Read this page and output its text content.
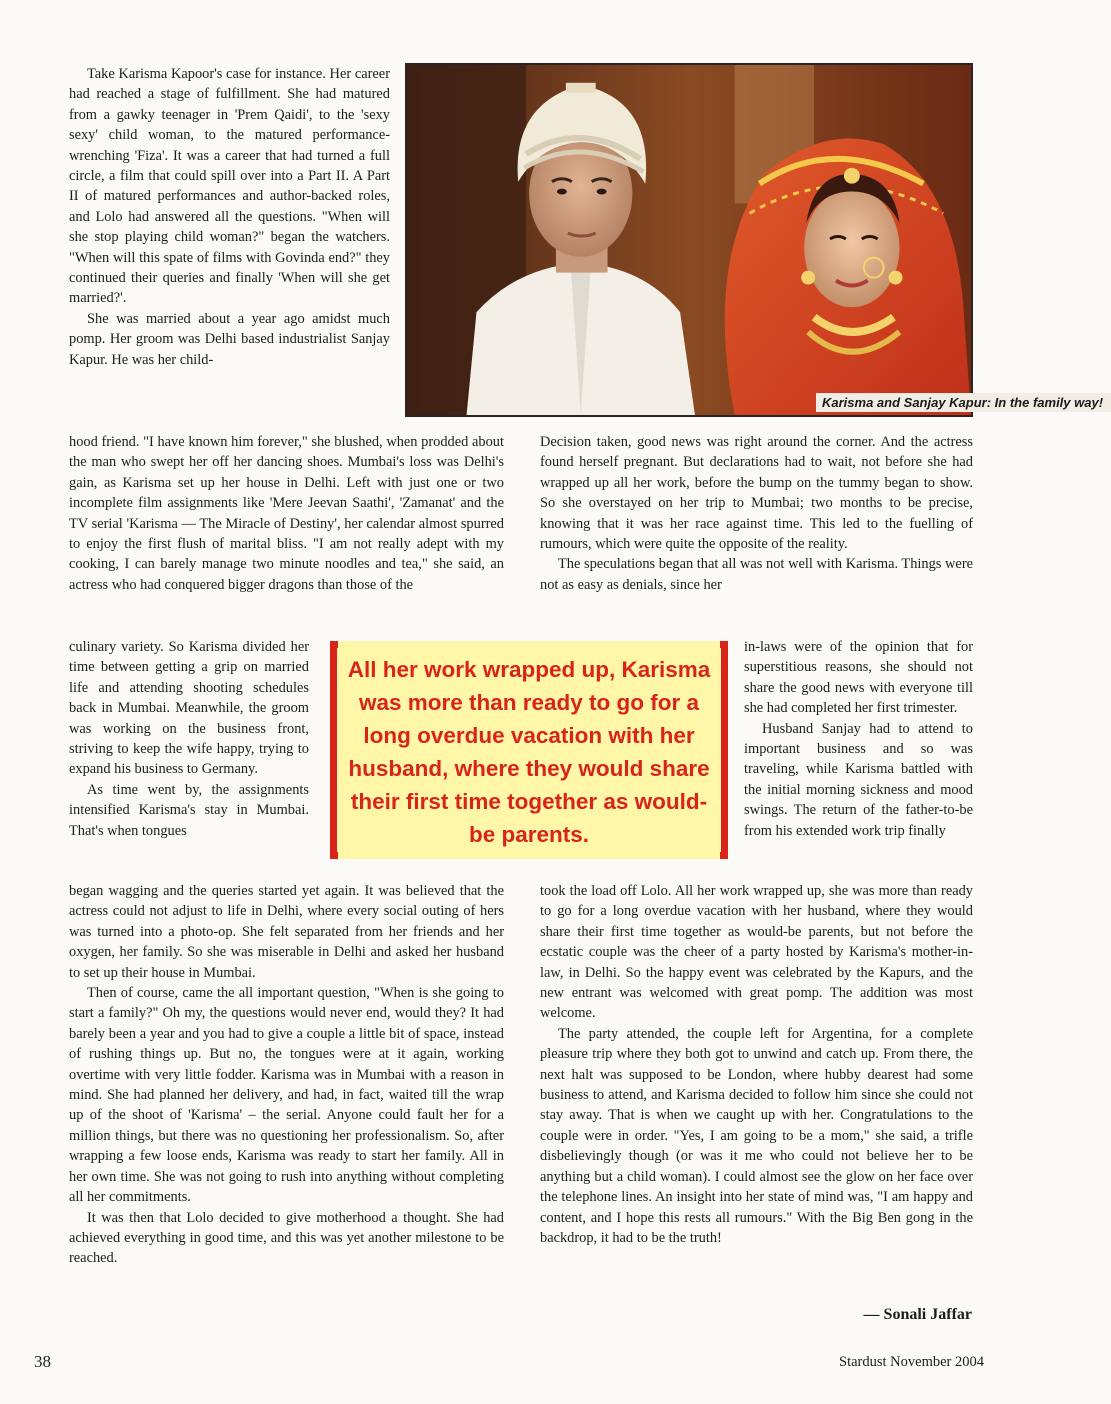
Karisma and Sanjay Kapur: In the family way!

Take Karisma Kapoor's case for instance. Her career had reached a stage of fulfillment. She had matured from a gawky teenager in 'Prem Qaidi', to the 'sexy sexy' child woman, to the matured performance-wrenching 'Fiza'. It was a career that had turned a full circle, a film that could spill over into a Part II. A Part II of matured performances and author-backed roles, and Lolo had answered all the questions. "When will she stop playing child woman?" began the watchers. "When will this spate of films with Govinda end?" they continued their queries and finally 'When will she get married?'.

She was married about a year ago amidst much pomp. Her groom was Delhi based industrialist Sanjay Kapur. He was her child-

hood friend. "I have known him forever," she blushed, when prodded about the man who swept her off her dancing shoes. Mumbai's loss was Delhi's gain, as Karisma set up her house in Delhi. Left with just one or two incomplete film assignments like 'Mere Jeevan Saathi', 'Zamanat' and the TV serial 'Karisma — The Miracle of Destiny', her calendar almost spurred to enjoy the first flush of marital bliss. "I am not really adept with my cooking, I can barely manage two minute noodles and tea," she said, an actress who had conquered bigger dragons than those of the

culinary variety. So Karisma divided her time between getting a grip on married life and attending shooting schedules back in Mumbai. Meanwhile, the groom was working on the business front, striving to keep the wife happy, trying to expand his business to Germany.

As time went by, the assignments intensified Karisma's stay in Mumbai. That's when tongues

began wagging and the queries started yet again. It was believed that the actress could not adjust to life in Delhi, where every social outing of hers was turned into a photo-op. She felt separated from her friends and her oxygen, her family. So she was miserable in Delhi and asked her husband to set up their house in Mumbai.

Then of course, came the all important question, "When is she going to start a family?" Oh my, the questions would never end, would they? It had barely been a year and you had to give a couple a little bit of space, instead of rushing things up. But no, the tongues were at it again, working overtime with very little fodder. Karisma was in Mumbai with a reason in mind. She had planned her delivery, and had, in fact, waited till the wrap up of the shoot of 'Karisma' – the serial. Anyone could fault her for a million things, but there was no questioning her professionalism. So, after wrapping a few loose ends, Karisma was ready to start her family. All in her own time. She was not going to rush into anything without completing all her commitments.

It was then that Lolo decided to give motherhood a thought. She had achieved everything in good time, and this was yet another milestone to be reached.

Decision taken, good news was right around the corner. And the actress found herself pregnant. But declarations had to wait, not before she had wrapped up all her work, before the bump on the tummy began to show. So she overstayed on her trip to Mumbai; two months to be precise, knowing that it was her race against time. This led to the fuelling of rumours, which were quite the opposite of the reality.

The speculations began that all was not well with Karisma. Things were not as easy as denials, since her

in-laws were of the opinion that for superstitious reasons, she should not share the good news with everyone till she had completed her first trimester.

Husband Sanjay had to attend to important business and so was traveling, while Karisma battled with the initial morning sickness and mood swings. The return of the father-to-be from his extended work trip finally

took the load off Lolo. All her work wrapped up, she was more than ready to go for a long overdue vacation with her husband, where they would share their first time together as would-be parents, but not before the ecstatic couple was the cheer of a party hosted by Karisma's mother-in-law, in Delhi. So the happy event was celebrated by the Kapurs, and the new entrant was welcomed with great pomp. The addition was most welcome.

The party attended, the couple left for Argentina, for a complete pleasure trip where they both got to unwind and catch up. From there, the next halt was supposed to be London, where hubby dearest had some business to attend, and Karisma decided to follow him since she could not stay away. That is when we caught up with her. Congratulations to the couple were in order. "Yes, I am going to be a mom," she said, a trifle disbelievingly though (or was it me who could not believe her to be anything but a child woman). I could almost see the glow on her face over the telephone lines. An insight into her state of mind was, "I am happy and content, and I hope this rests all rumours." With the Big Ben gong in the backdrop, it had to be the truth!

All her work wrapped up, Karisma was more than ready to go for a long overdue vacation with her husband, where they would share their first time together as would-be parents.
— Sonali Jaffar
38	Stardust November 2004
